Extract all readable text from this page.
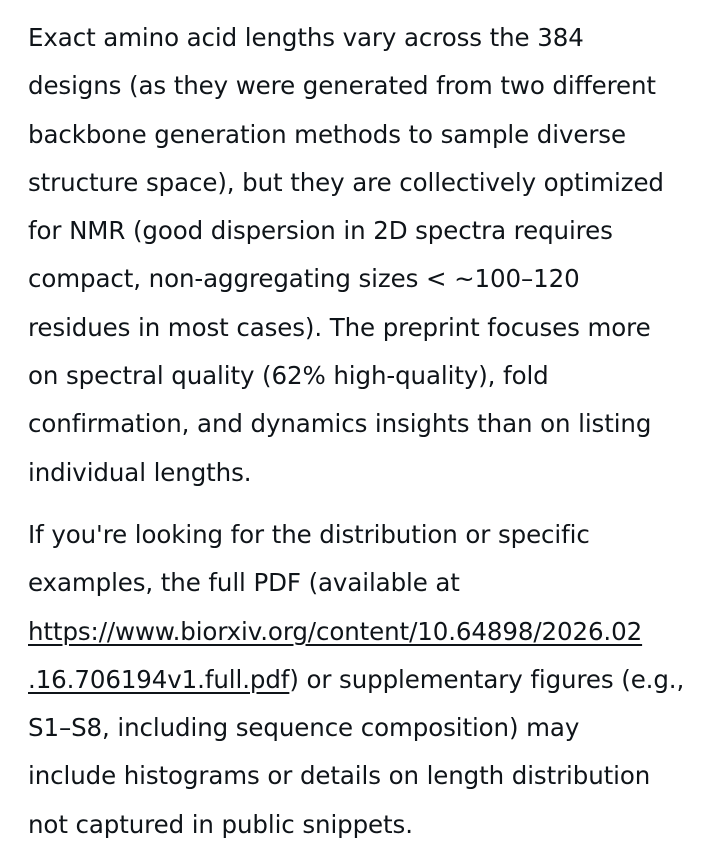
Exact amino acid lengths vary across the 384
designs (as they were generated from two different
backbone generation methods to sample diverse
structure space), but they are collectively optimized
for NMR (good dispersion in 2D spectra requires
compact, non-aggregating sizes < ~100–120
residues in most cases). The preprint focuses more
on spectral quality (62% high-quality), fold
confirmation, and dynamics insights than on listing
individual lengths.

If you're looking for the distribution or specific
examples, the full PDF (available at
https://www.biorxiv.org/content/10.64898/2026.02
.16.706194v1.full.pdf) or supplementary figures (e.g.,
S1–S8, including sequence composition) may
include histograms or details on length distribution
not captured in public snippets.
